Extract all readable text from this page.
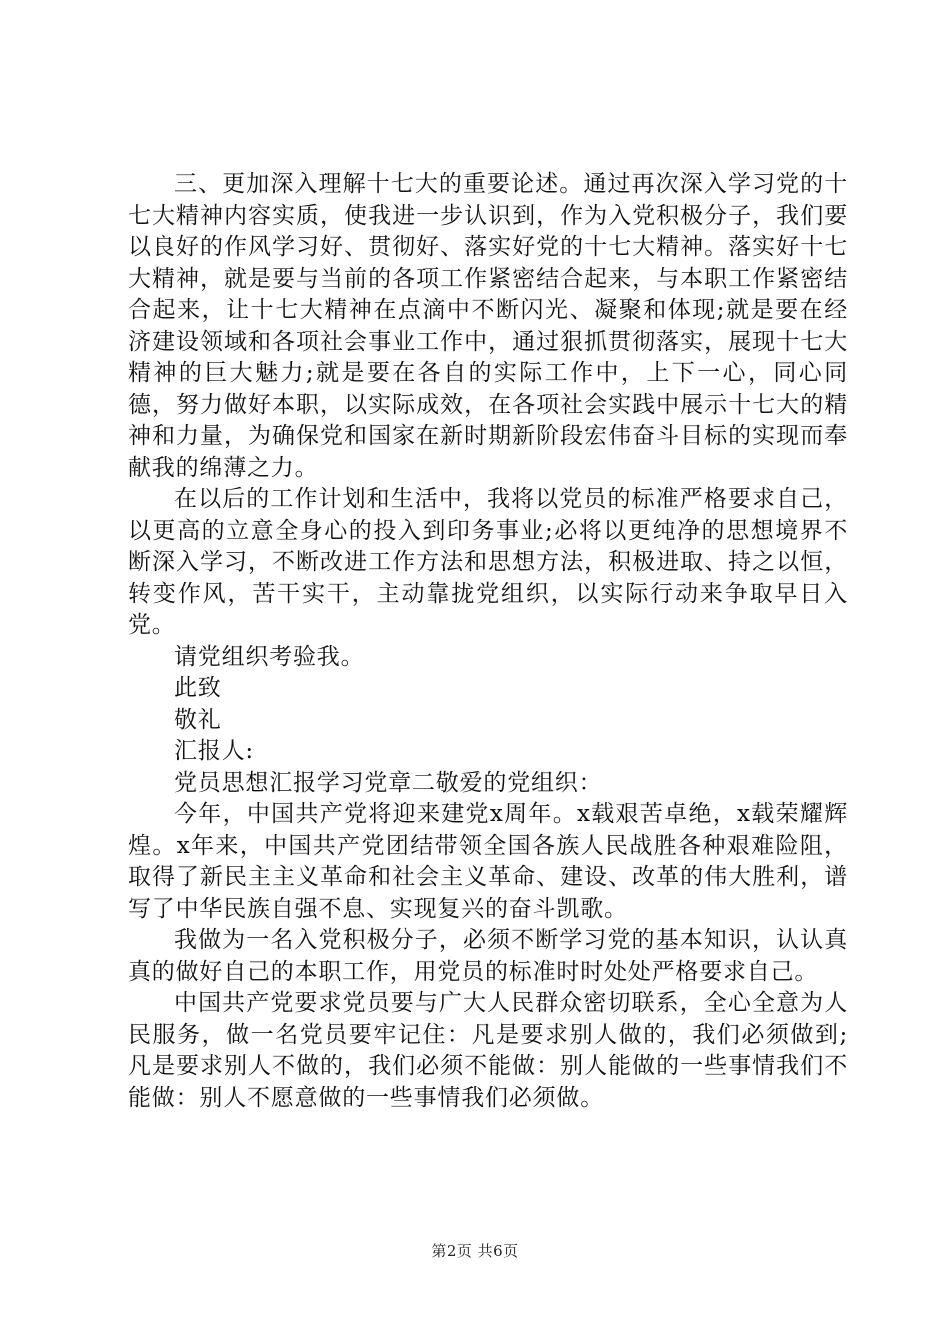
三、更加深入理解十七大的重要论述。通过再次深入学习党的十七大精神内容实质，使我进一步认识到，作为入党积极分子，我们要以良好的作风学习好、贯彻好、落实好党的十七大精神。落实好十七大精神，就是要与当前的各项工作紧密结合起来，与本职工作紧密结合起来，让十七大精神在点滴中不断闪光、凝聚和体现;就是要在经济建设领域和各项社会事业工作中，通过狠抓贯彻落实，展现十七大精神的巨大魅力;就是要在各自的实际工作中，上下一心，同心同德，努力做好本职，以实际成效，在各项社会实践中展示十七大的精神和力量，为确保党和国家在新时期新阶段宏伟奋斗目标的实现而奉献我的绵薄之力。

在以后的工作计划和生活中，我将以党员的标准严格要求自己，以更高的立意全身心的投入到印务事业;必将以更纯净的思想境界不断深入学习，不断改进工作方法和思想方法，积极进取、持之以恒，转变作风，苦干实干，主动靠拢党组织，以实际行动来争取早日入党。

请党组织考验我。

此致

敬礼

汇报人:

党员思想汇报学习党章二敬爱的党组织：

今年，中国共产党将迎来建党x周年。x载艰苦卓绝，x载荣耀辉煌。x年来，中国共产党团结带领全国各族人民战胜各种艰难险阻，取得了新民主主义革命和社会主义革命、建设、改革的伟大胜利，谱写了中华民族自强不息、实现复兴的奋斗凯歌。

我做为一名入党积极分子，必须不断学习党的基本知识，认认真真的做好自己的本职工作，用党员的标准时时处处严格要求自己。

中国共产党要求党员要与广大人民群众密切联系，全心全意为人民服务，做一名党员要牢记住：凡是要求别人做的，我们必须做到;凡是要求别人不做的，我们必须不能做：别人能做的一些事情我们不能做：别人不愿意做的一些事情我们必须做。

第2页 共6页
